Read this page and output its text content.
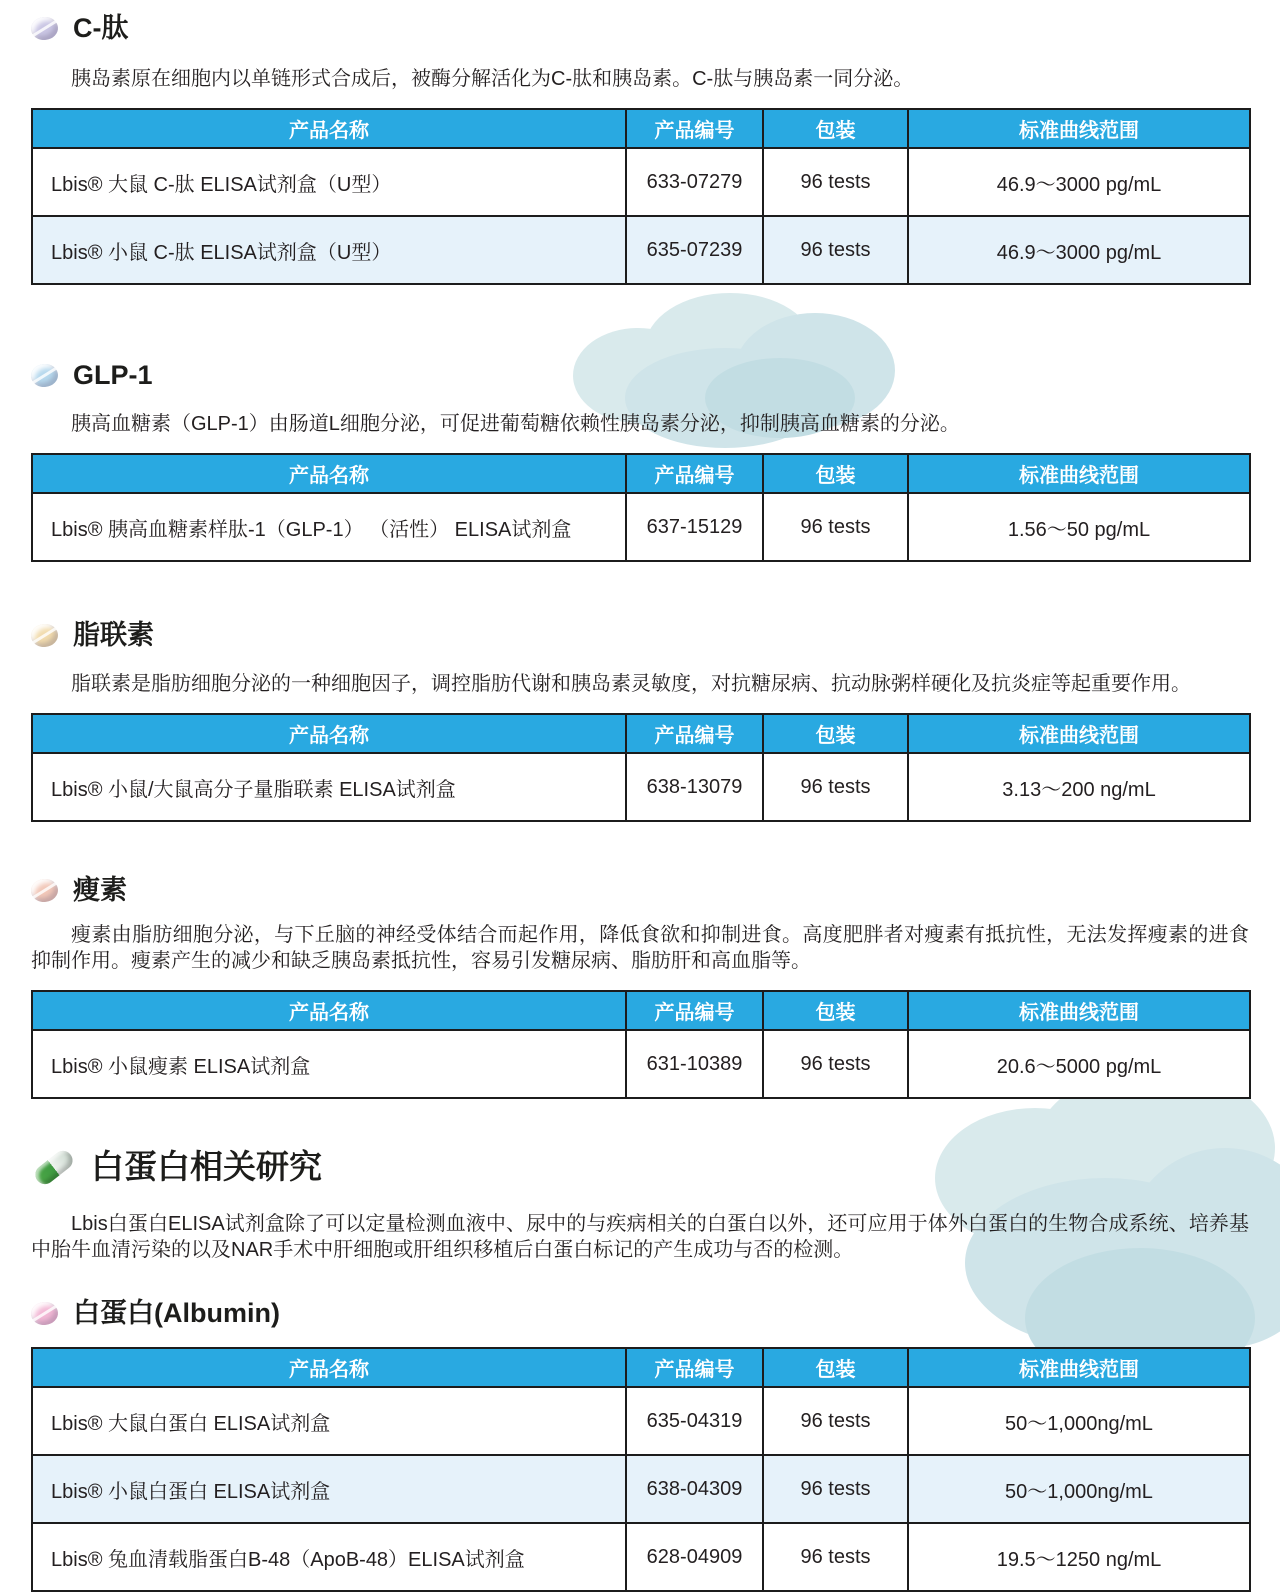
C-肽

胰岛素原在细胞内以单链形式合成后，被酶分解活化为C-肽和胰岛素。C-肽与胰岛素一同分泌。

产品名称	产品编号	包装	标准曲线范围
Lbis® 大鼠 C-肽 ELISA试剂盒（U型）	633-07279	96 tests	46.9～3000 pg/mL
Lbis® 小鼠 C-肽 ELISA试剂盒（U型）	635-07239	96 tests	46.9～3000 pg/mL
GLP-1

胰高血糖素（GLP-1）由肠道L细胞分泌，可促进葡萄糖依赖性胰岛素分泌，抑制胰高血糖素的分泌。

产品名称	产品编号	包装	标准曲线范围
Lbis® 胰高血糖素样肽-1（GLP-1） （活性） ELISA试剂盒	637-15129	96 tests	1.56～50 pg/mL
脂联素

脂联素是脂肪细胞分泌的一种细胞因子，调控脂肪代谢和胰岛素灵敏度，对抗糖尿病、抗动脉粥样硬化及抗炎症等起重要作用。

产品名称	产品编号	包装	标准曲线范围
Lbis® 小鼠/大鼠高分子量脂联素 ELISA试剂盒	638-13079	96 tests	3.13～200 ng/mL
瘦素

瘦素由脂肪细胞分泌，与下丘脑的神经受体结合而起作用，降低食欲和抑制进食。高度肥胖者对瘦素有抵抗性，无法发挥瘦素的进食抑制作用。瘦素产生的减少和缺乏胰岛素抵抗性，容易引发糖尿病、脂肪肝和高血脂等。

产品名称	产品编号	包装	标准曲线范围
Lbis® 小鼠瘦素 ELISA试剂盒	631-10389	96 tests	20.6～5000 pg/mL
白蛋白相关研究

Lbis白蛋白ELISA试剂盒除了可以定量检测血液中、尿中的与疾病相关的白蛋白以外，还可应用于体外白蛋白的生物合成系统、培养基中胎牛血清污染的以及NAR手术中肝细胞或肝组织移植后白蛋白标记的产生成功与否的检测。

白蛋白(Albumin)
产品名称	产品编号	包装	标准曲线范围
Lbis® 大鼠白蛋白 ELISA试剂盒	635-04319	96 tests	50～1,000ng/mL
Lbis® 小鼠白蛋白 ELISA试剂盒	638-04309	96 tests	50～1,000ng/mL
Lbis® 兔血清载脂蛋白B-48（ApoB-48）ELISA试剂盒	628-04909	96 tests	19.5～1250 ng/mL
